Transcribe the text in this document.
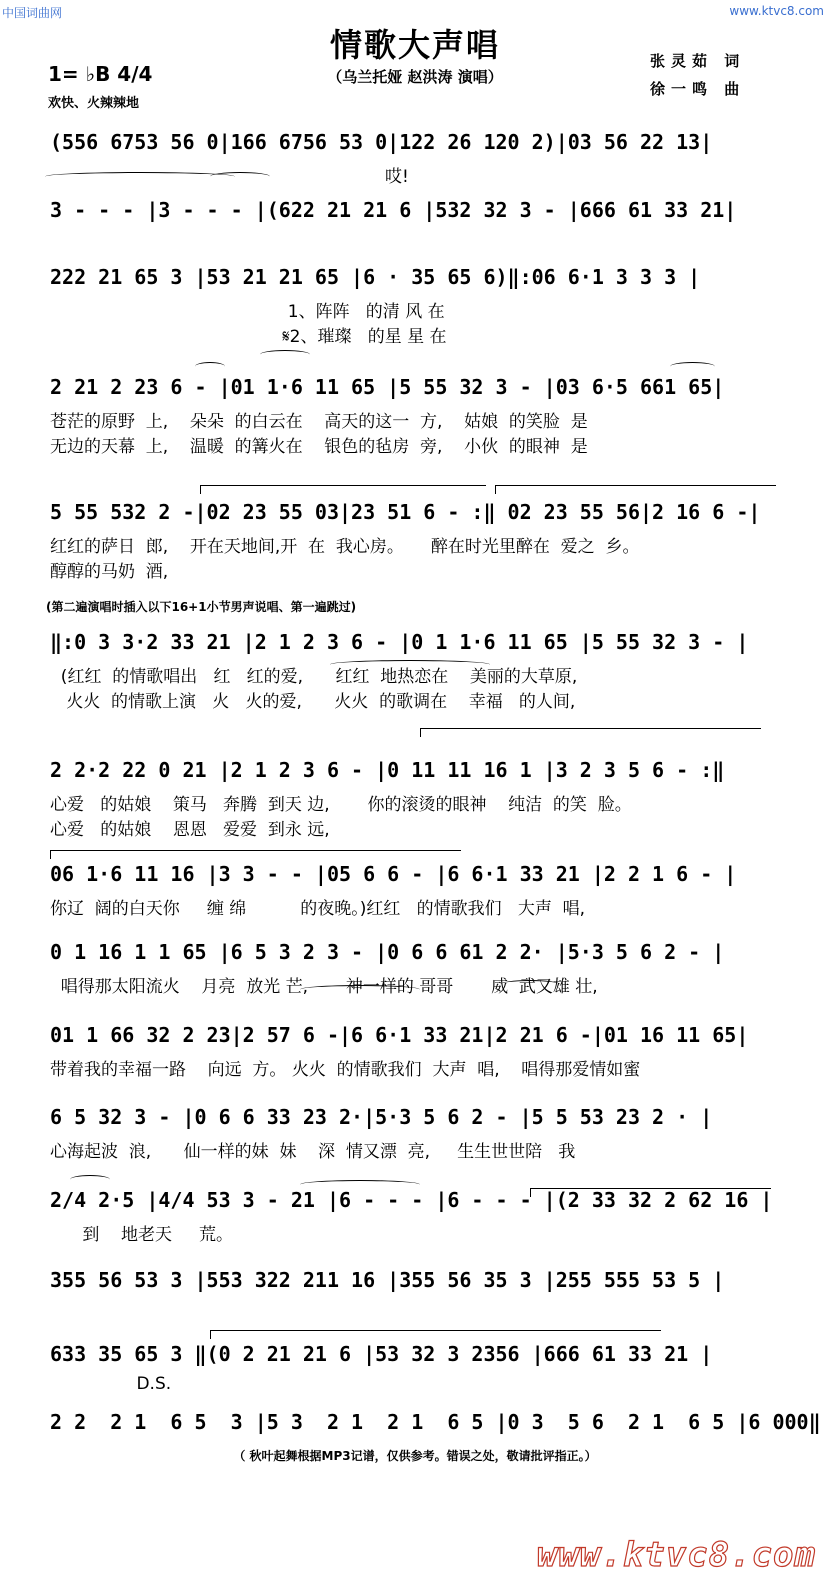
中国词曲网	www.ktvc8.com
情歌大声唱
（乌兰托娅 赵洪涛 演唱）
张灵茹 词
徐一鸣 曲
1= ♭B 4/4
欢快、火辣辣地
(556 6753 56 0|166 6756 53 0|122 26 120 2)|03 56 22 13|
哎!
3 - - - |3 - - - |(622 21 21 6 |532 32 3 - |666 61 33 21|
222 21 65 3 |53 21 21 65 |6 · 35 65 6)‖:06 6·1 3 3 3 |
1、阵阵   的清 风 在
𝄋2、璀璨   的星 星 在
2 21 2 23 6 - |01 1·6 11 65 |5 55 32 3 - |03 6·5 661 65|
苍茫的原野  上,    朵朵  的白云在    高天的这一  方,    姑娘  的笑脸  是
无边的天幕  上,    温暖  的篝火在    银色的毡房  旁,    小伙  的眼神  是
5 55 532 2 -|02 23 55 03|23 51 6 - :‖ 02 23 55 56|2 16 6 -|
红红的萨日  郎,    开在天地间,开  在  我心房。     醉在时光里醉在  爱之  乡。
醇醇的马奶  酒,
(第二遍演唱时插入以下16+1小节男声说唱、第一遍跳过)
‖:0 3 3·2 33 21 |2 1 2 3 6 - |0 1 1·6 11 65 |5 55 32 3 - |
(红红  的情歌唱出   红   红的爱,      红红  地热恋在    美丽的大草原,
火火  的情歌上演   火   火的爱,      火火  的歌调在    幸福   的人间,
2 2·2 22 0 21 |2 1 2 3 6 - |0 11 11 16 1 |3 2 3 5 6 - :‖
心爱   的姑娘    策马   奔腾  到天 边,       你的滚烫的眼神    纯洁  的笑  脸。
心爱   的姑娘    恩恩   爱爱  到永 远,
06 1·6 11 16 |3 3 - - |05 6 6 - |6 6·1 33 21 |2 2 1 6 - |
你辽  阔的白天你     缠 绵          的夜晚。)红红   的情歌我们   大声  唱,
0 1 16 1 1 65 |6 5 3 2 3 - |0 6 6 61 2 2· |5·3 5 6 2 - |
唱得那太阳流火    月亮  放光 芒,       神一样的 哥哥       威  武又雄 壮,
01 1 66 32 2 23|2 57 6 -|6 6·1 33 21|2 21 6 -|01 16 11 65|
带着我的幸福一路    向远  方。 火火  的情歌我们  大声  唱,    唱得那爱情如蜜
6 5 32 3 - |0 6 6 33 23 2·|5·3 5 6 2 - |5 5 53 23 2 · |
心海起波  浪,      仙一样的妹  妹    深  情又漂  亮,     生生世世陪   我
2/4 2·5 |4/4 53 3 - 21 |6 - - - |6 - - - |(2 33 32 2 62 16 |
到    地老天     荒。
355 56 53 3 |553 322 211 16 |355 56 35 3 |255 555 53 5 |
633 35 65 3 ‖(0 2 21 21 6 |53 32 3 2356 |666 61 33 21 |
D.S.
2 2  2 1  6 5  3 |5 3  2 1  2 1  6 5 |0 3  5 6  2 1  6 5 |6 000‖
（ 秋叶起舞根据MP3记谱，仅供参考。错误之处，敬请批评指正。）
www.ktvc8.com
